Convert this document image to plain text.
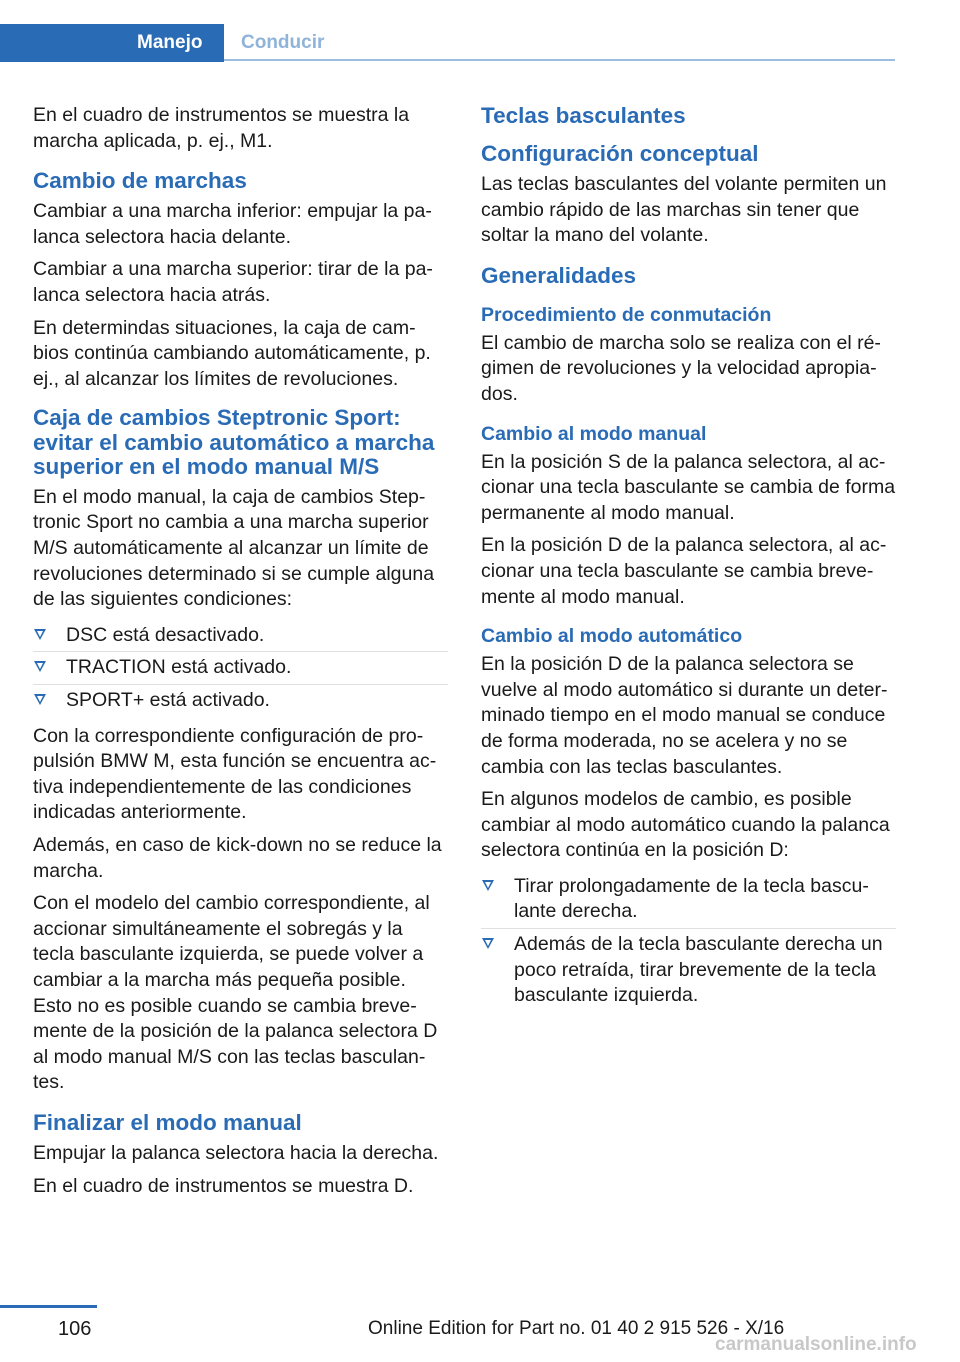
Manejo Conducir

En el cuadro de instrumentos se muestra la marcha aplicada, p. ej., M1.

Cambio de marchas

Cambiar a una marcha inferior: empujar la pa‐lanca selectora hacia delante.

Cambiar a una marcha superior: tirar de la pa‐lanca selectora hacia atrás.

En determindas situaciones, la caja de cam‐bios continúa cambiando automáticamente, p. ej., al alcanzar los límites de revoluciones.

Caja de cambios Steptronic Sport: evitar el cambio automático a marcha superior en el modo manual M/S

En el modo manual, la caja de cambios Step‐tronic Sport no cambia a una marcha superior M/S automáticamente al alcanzar un límite de revoluciones determinado si se cumple alguna de las siguientes condiciones:

DSC está desactivado.
TRACTION está activado.
SPORT+ está activado.

Con la correspondiente configuración de pro‐pulsión BMW M, esta función se encuentra ac‐tiva independientemente de las condiciones indicadas anteriormente.

Además, en caso de kick-down no se reduce la marcha.

Con el modelo del cambio correspondiente, al accionar simultáneamente el sobregás y la tecla basculante izquierda, se puede volver a cambiar a la marcha más pequeña posible. Esto no es posible cuando se cambia breve‐mente de la posición de la palanca selectora D al modo manual M/S con las teclas basculan‐tes.

Finalizar el modo manual

Empujar la palanca selectora hacia la derecha.

En el cuadro de instrumentos se muestra D.

Teclas basculantes
Configuración conceptual

Las teclas basculantes del volante permiten un cambio rápido de las marchas sin tener que soltar la mano del volante.

Generalidades
Procedimiento de conmutación

El cambio de marcha solo se realiza con el ré‐gimen de revoluciones y la velocidad apropia‐dos.

Cambio al modo manual

En la posición S de la palanca selectora, al ac‐cionar una tecla basculante se cambia de forma permanente al modo manual.

En la posición D de la palanca selectora, al ac‐cionar una tecla basculante se cambia breve‐mente al modo manual.

Cambio al modo automático

En la posición D de la palanca selectora se vuelve al modo automático si durante un deter‐minado tiempo en el modo manual se conduce de forma moderada, no se acelera y no se cambia con las teclas basculantes.

En algunos modelos de cambio, es posible cambiar al modo automático cuando la palanca selectora continúa en la posición D:

Tirar prolongadamente de la tecla bascu‐lante derecha.
Además de la tecla basculante derecha un poco retraída, tirar brevemente de la tecla basculante izquierda.
106	Online Edition for Part no. 01 40 2 915 526 - X/16
carmanualsonline.info
